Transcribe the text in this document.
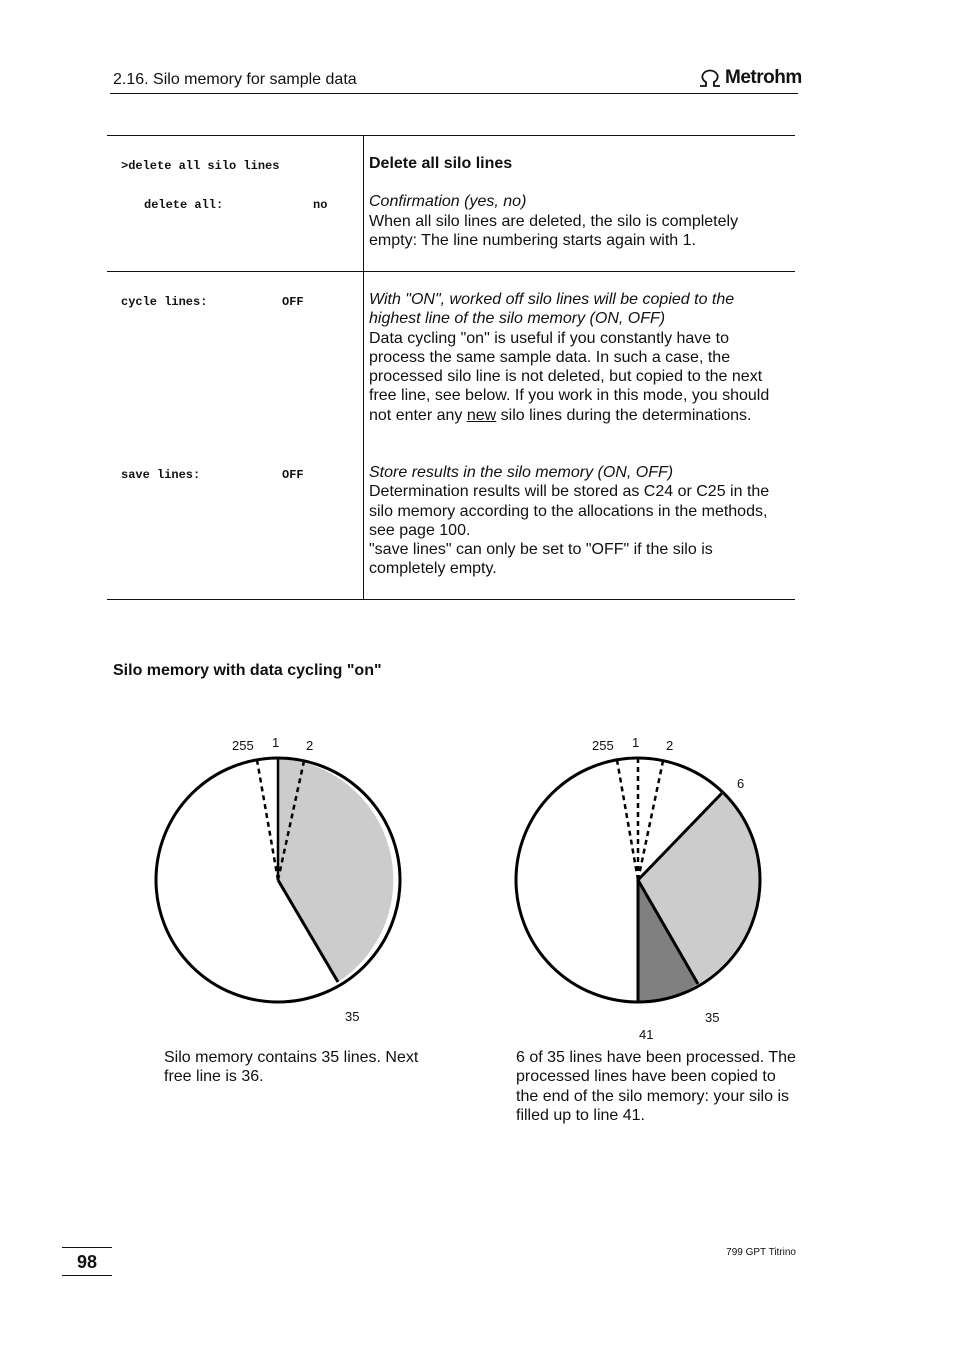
2.16. Silo memory for sample data	Metrohm
>delete all silo lines
delete all:	no
Delete all silo lines
Confirmation (yes, no)
When all silo lines are deleted, the silo is completely empty: The line numbering starts again with 1.
cycle lines:	OFF	With "ON", worked off silo lines will be copied to the highest line of the silo memory (ON, OFF)
Data cycling "on" is useful if you constantly have to process the same sample data. In such a case, the processed silo line is not deleted, but copied to the next free line, see below. If you work in this mode, you should not enter any new silo lines during the determinations.
save lines:	OFF	Store results in the silo memory (ON, OFF)
Determination results will be stored as C24 or C25 in the silo memory according to the allocations in the methods, see page 100.
"save lines" can only be set to "OFF" if the silo is completely empty.
Silo memory with data cycling "on"
255 1 2
35
Silo memory contains 35 lines. Next free line is 36.
255 1 2
6
35
41
6 of 35 lines have been processed. The processed lines have been copied to the end of the silo memory: your silo is filled up to line 41.
98	799 GPT Titrino
